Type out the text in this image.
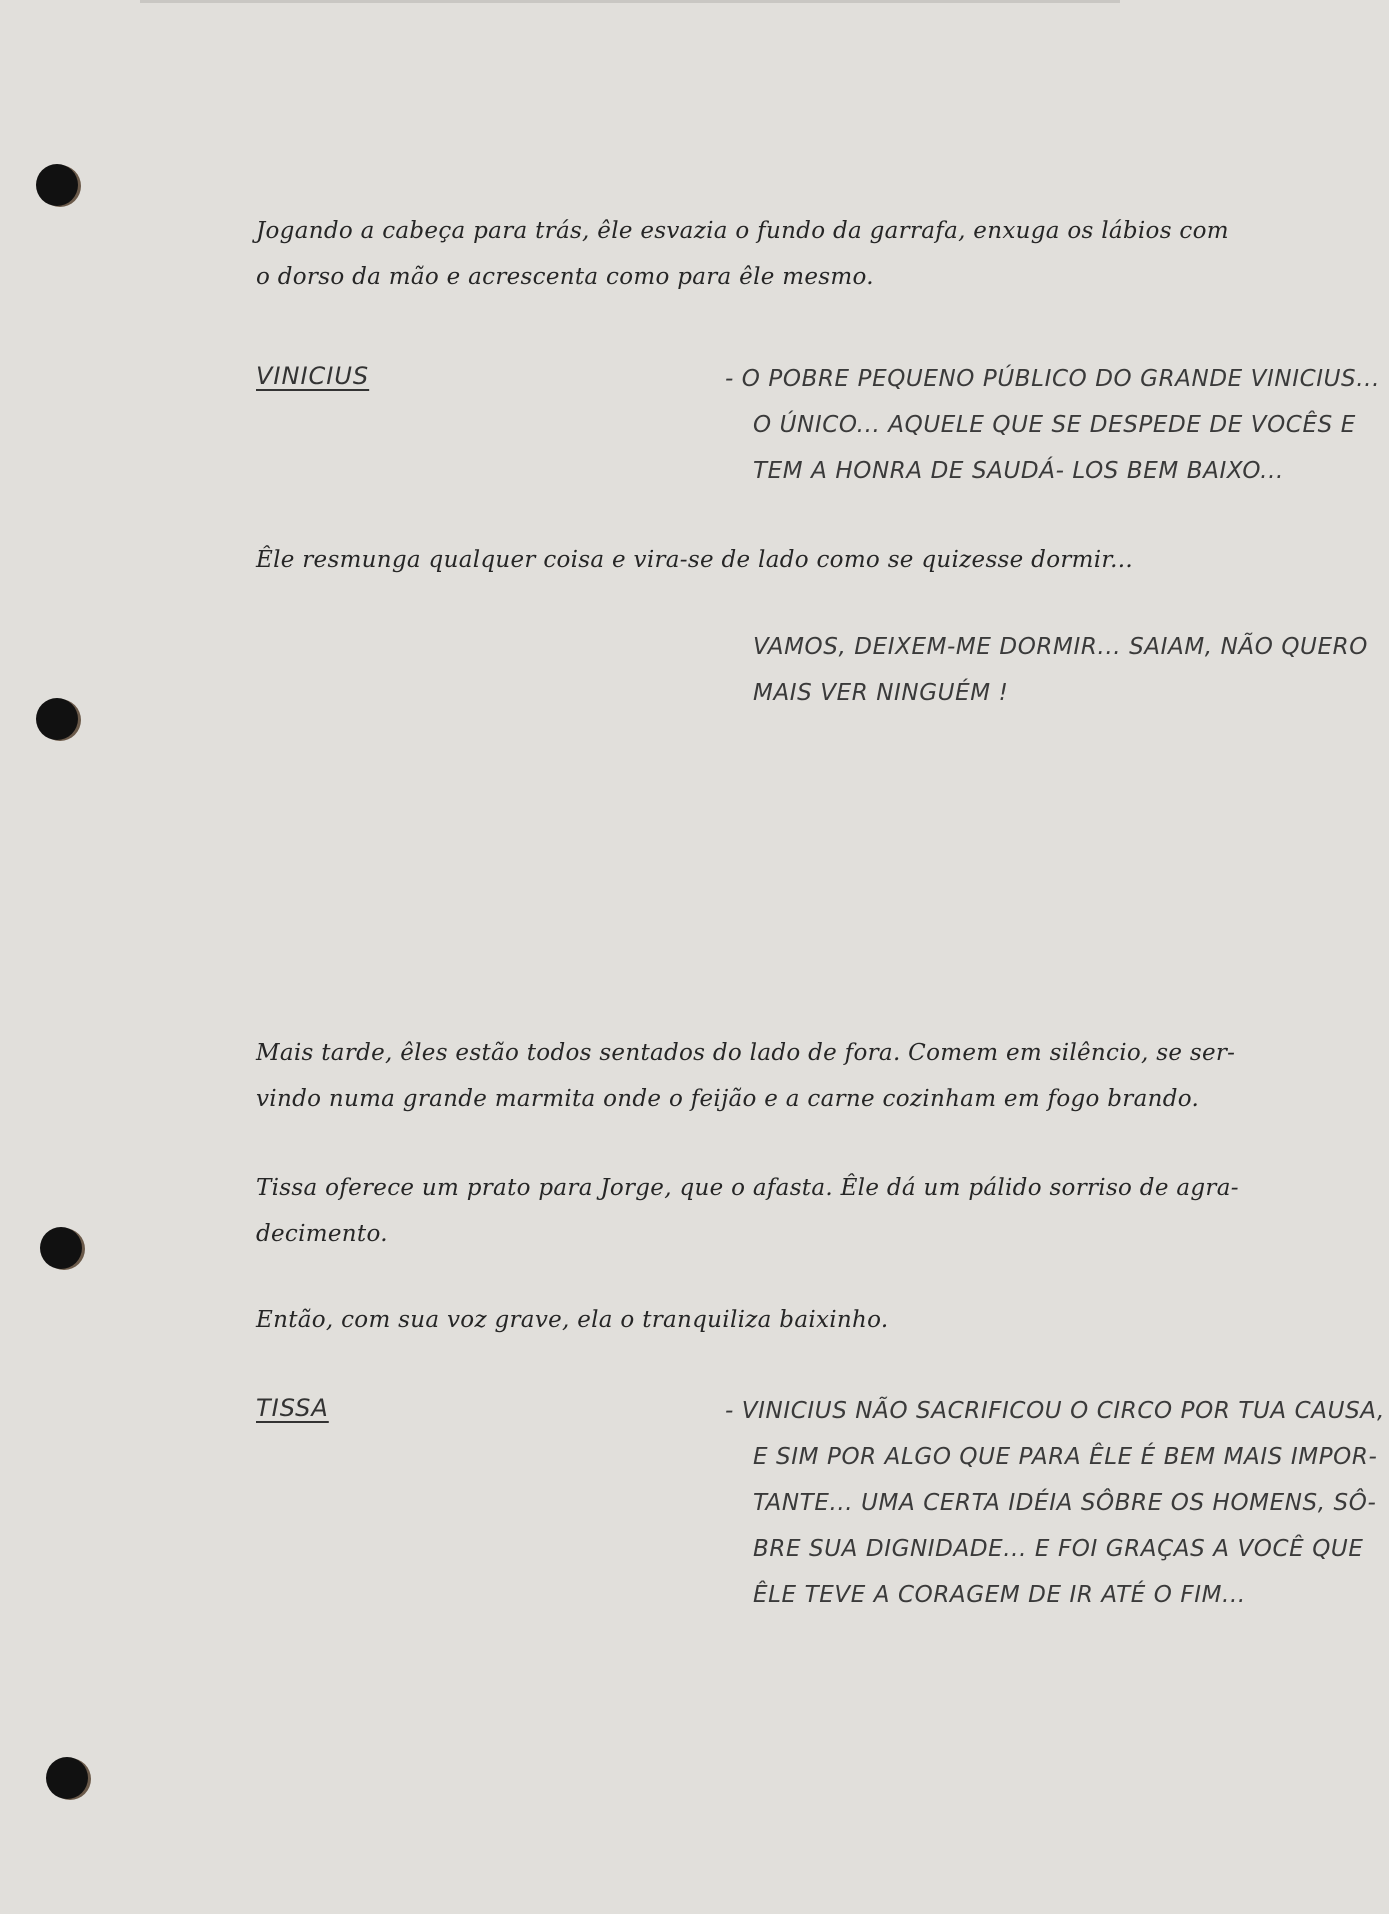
Jogando a cabeça para trás, êle esvazia o fundo da garrafa, enxuga os lábios com
o dorso da mão e acrescenta como para êle mesmo.
VINICIUS	- O POBRE PEQUENO PÚBLICO DO GRANDE VINICIUS...
O ÚNICO... AQUELE QUE SE DESPEDE DE VOCÊS E
TEM A HONRA DE SAUDÁ- LOS BEM BAIXO...
Êle resmunga qualquer coisa e vira-se de lado como se quizesse dormir...
VAMOS, DEIXEM-ME DORMIR... SAIAM, NÃO QUERO
MAIS VER NINGUÉM !
Mais tarde, êles estão todos sentados do lado de fora. Comem em silêncio, se ser-
vindo numa grande marmita onde o feijão e a carne cozinham em fogo brando.
Tissa oferece um prato para Jorge, que o afasta. Êle dá um pálido sorriso de agra-
decimento.
Então, com sua voz grave, ela o tranquiliza baixinho.
TISSA	- VINICIUS NÃO SACRIFICOU O CIRCO POR TUA CAUSA,
E SIM POR ALGO QUE PARA ÊLE É BEM MAIS IMPOR-
TANTE... UMA CERTA IDÉIA SÔBRE OS HOMENS, SÔ-
BRE SUA DIGNIDADE... E FOI GRAÇAS A VOCÊ QUE
ÊLE TEVE A CORAGEM DE IR ATÉ O FIM...
